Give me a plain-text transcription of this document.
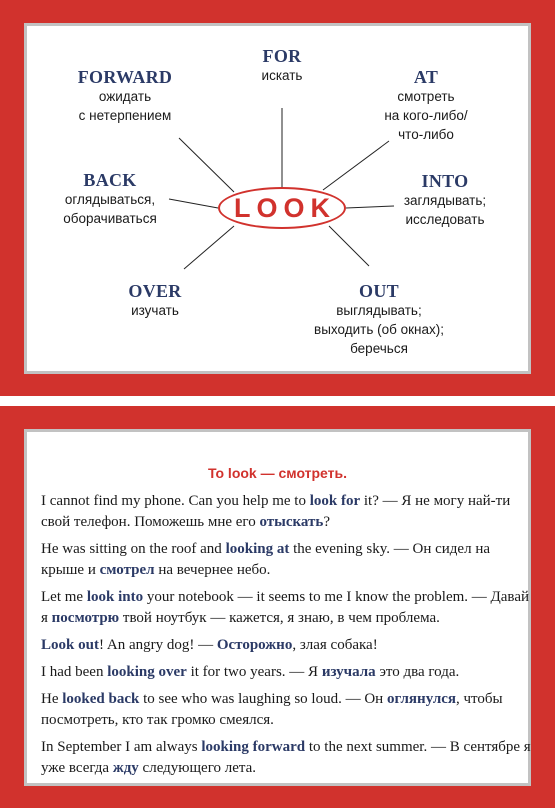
FOR
искать	AT
смотреть
на кого-либо/
что-либо
FORWARD
ожидать
с нетерпением
BACK
оглядываться,
оборачиваться
INTO
заглядывать;
исследовать
LOOK
OVER
изучать
OUT
выглядывать;
выходить (об окнах);
беречься
To look — смотреть.

I cannot find my phone. Can you help me to look for it? — Я не могу най-ти свой телефон. Поможешь мне его отыскать?

He was sitting on the roof and looking at the evening sky. — Он сидел на крыше и смотрел на вечернее небо.

Let me look into your notebook — it seems to me I know the problem. — Давай я посмотрю твой ноутбук — кажется, я знаю, в чем проблема.

Look out! An angry dog! — Осторожно, злая собака!

I had been looking over it for two years. — Я изучала это два года.

He looked back to see who was laughing so loud. — Он оглянулся, чтобы посмотреть, кто так громко смеялся.

In September I am always looking forward to the next summer. — В сентябре я уже всегда жду следующего лета.
